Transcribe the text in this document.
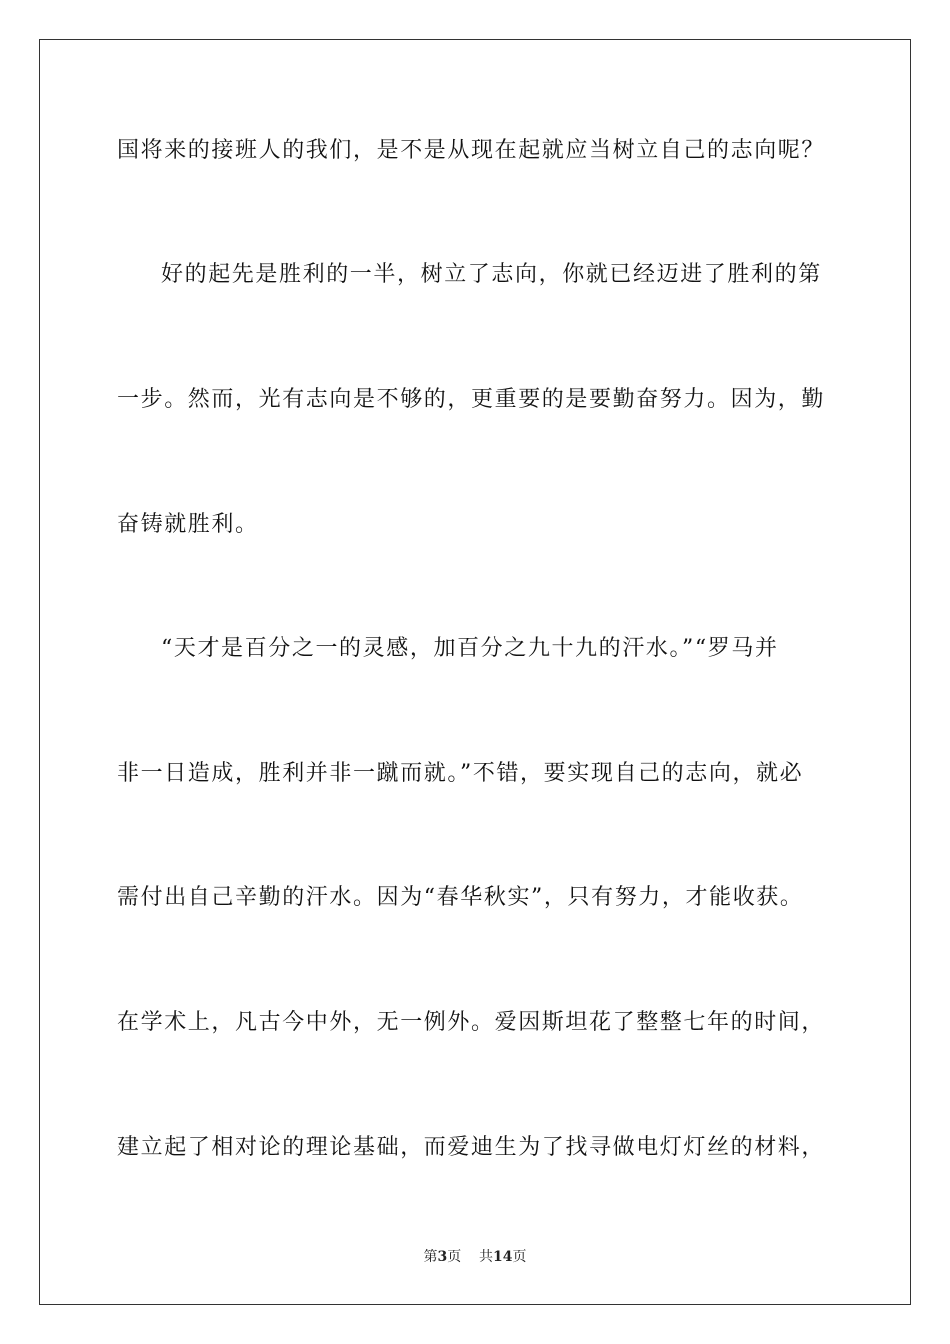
国将来的接班人的我们，是不是从现在起就应当树立自己的志向呢？
好的起先是胜利的一半，树立了志向，你就已经迈进了胜利的第
一步。然而，光有志向是不够的，更重要的是要勤奋努力。因为，勤
奋铸就胜利。
“天才是百分之一的灵感，加百分之九十九的汗水。”“罗马并
非一日造成，胜利并非一蹴而就。”不错，要实现自己的志向，就必
需付出自己辛勤的汗水。因为“春华秋实”，只有努力，才能收获。
在学术上，凡古今中外，无一例外。爱因斯坦花了整整七年的时间，
建立起了相对论的理论基础，而爱迪生为了找寻做电灯灯丝的材料，
第3页 共14页
